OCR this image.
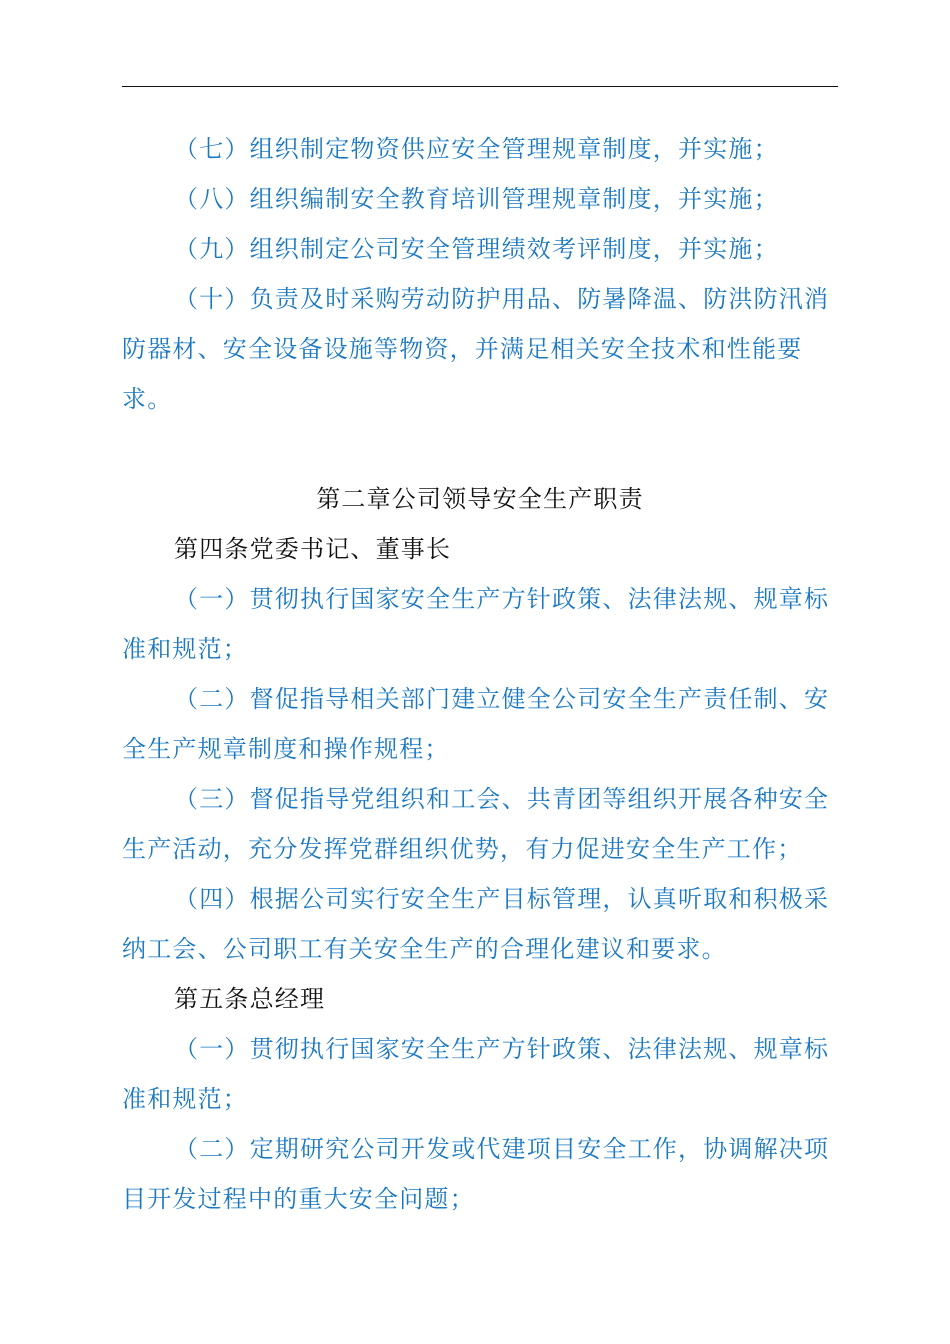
（七）组织制定物资供应安全管理规章制度，并实施；

（八）组织编制安全教育培训管理规章制度，并实施；

（九）组织制定公司安全管理绩效考评制度，并实施；

（十）负责及时采购劳动防护用品、防暑降温、防洪防汛消防器材、安全设备设施等物资，并满足相关安全技术和性能要求。

第二章公司领导安全生产职责

第四条党委书记、董事长

（一）贯彻执行国家安全生产方针政策、法律法规、规章标准和规范；

（二）督促指导相关部门建立健全公司安全生产责任制、安全生产规章制度和操作规程；

（三）督促指导党组织和工会、共青团等组织开展各种安全生产活动，充分发挥党群组织优势，有力促进安全生产工作；

（四）根据公司实行安全生产目标管理，认真听取和积极采纳工会、公司职工有关安全生产的合理化建议和要求。

第五条总经理

（一）贯彻执行国家安全生产方针政策、法律法规、规章标准和规范；

（二）定期研究公司开发或代建项目安全工作，协调解决项目开发过程中的重大安全问题；
